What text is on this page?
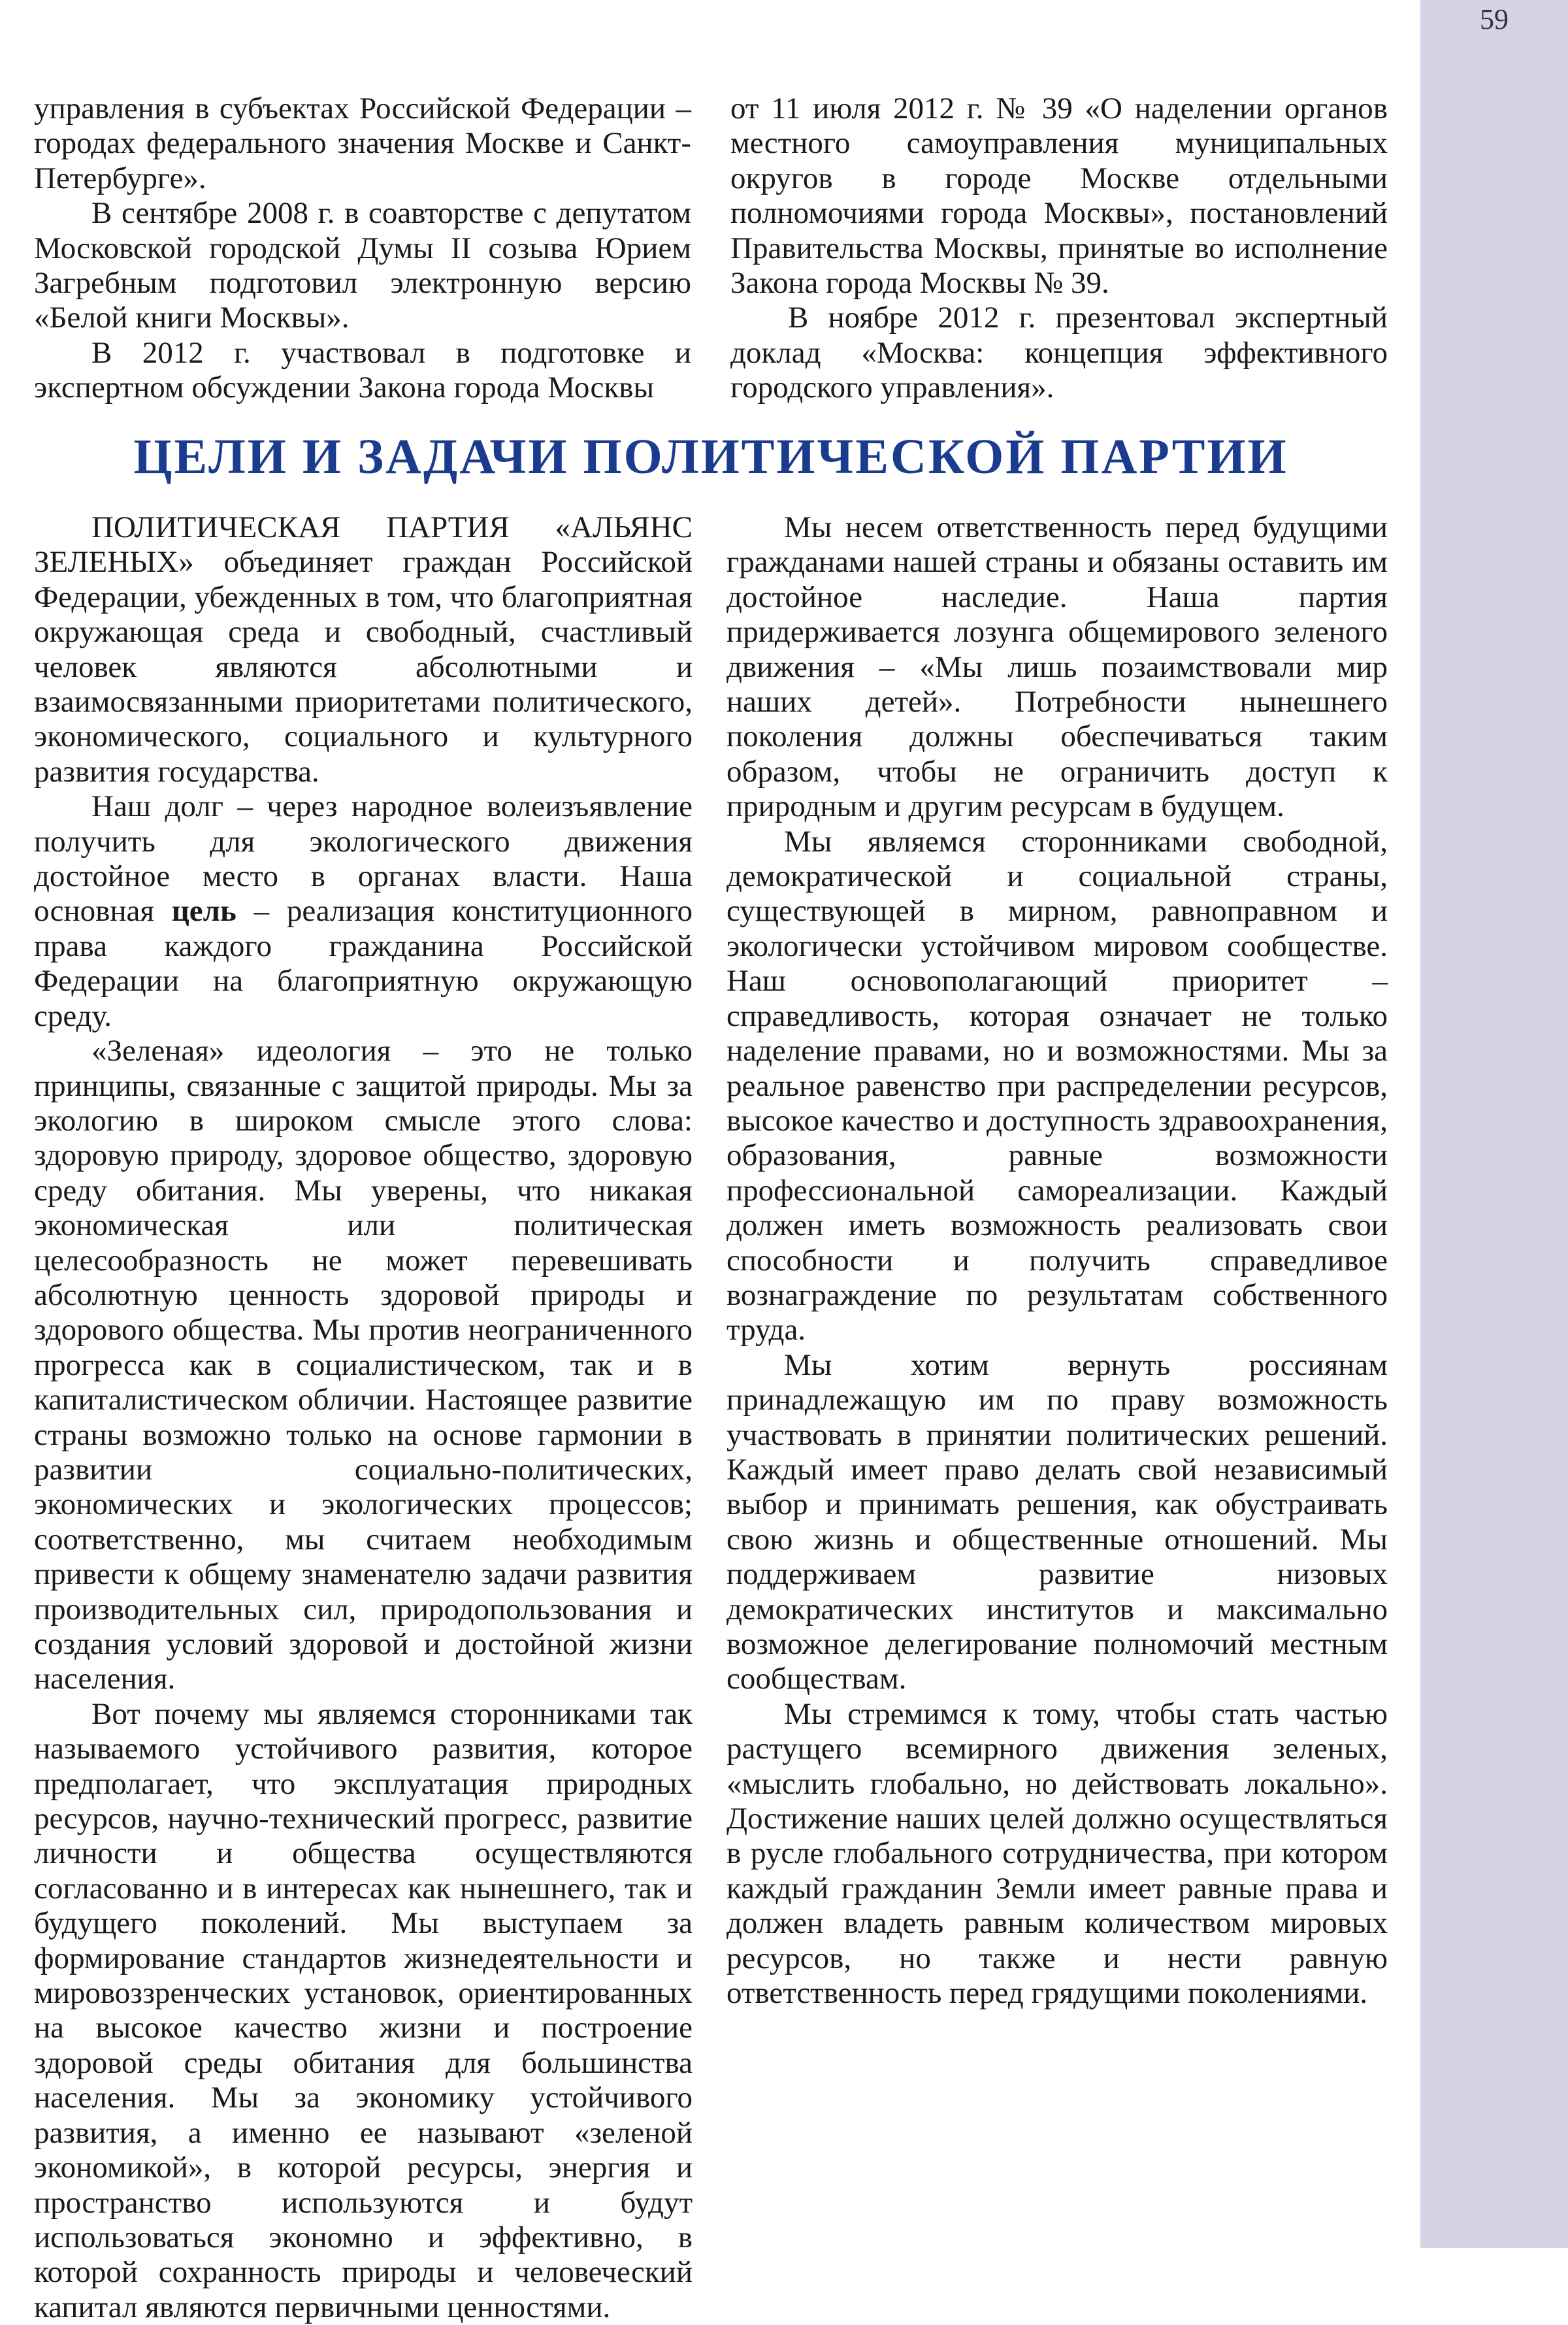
59

управления в субъектах Российской Федерации – городах федерального значения Москве и Санкт-Петербурге».

В сентябре 2008 г. в соавторстве с депутатом Московской городской Думы II созыва Юрием Загребным подготовил электронную версию «Белой книги Москвы».

В 2012 г. участвовал в подготовке и экспертном обсуждении Закона города Москвы

от 11 июля 2012 г. № 39 «О наделении органов местного самоуправления муниципальных округов в городе Москве отдельными полномочиями города Москвы», постановлений Правительства Москвы, принятые во исполнение Закона города Москвы № 39.

В ноябре 2012 г. презентовал экспертный доклад «Москва: концепция эффективного городского управления».

ЦЕЛИ И ЗАДАЧИ ПОЛИТИЧЕСКОЙ ПАРТИИ

ПОЛИТИЧЕСКАЯ ПАРТИЯ «АЛЬЯНС ЗЕЛЕНЫХ» объединяет граждан Российской Федерации, убежденных в том, что благоприятная окружающая среда и свободный, счастливый человек являются абсолютными и взаимосвязанными приоритетами политического, экономического, социального и культурного развития государства.

Наш долг – через народное волеизъявление получить для экологического движения достойное место в органах власти. Наша основная цель – реализация конституционного права каждого гражданина Российской Федерации на благоприятную окружающую среду.

«Зеленая» идеология – это не только принципы, связанные с защитой природы. Мы за экологию в широком смысле этого слова: здоровую природу, здоровое общество, здоровую среду обитания. Мы уверены, что никакая экономическая или политическая целесообразность не может перевешивать абсолютную ценность здоровой природы и здорового общества. Мы против неограниченного прогресса как в социалистическом, так и в капиталистическом обличии. Настоящее развитие страны возможно только на основе гармонии в развитии социально-политических, экономических и экологических процессов; соответственно, мы считаем необходимым привести к общему знаменателю задачи развития производительных сил, природопользования и создания условий здоровой и достойной жизни населения.

Вот почему мы являемся сторонниками так называемого устойчивого развития, которое предполагает, что эксплуатация природных ресурсов, научно-технический прогресс, развитие личности и общества осуществляются согласованно и в интересах как нынешнего, так и будущего поколений. Мы выступаем за формирование стандартов жизнедеятельности и мировоззренческих установок, ориентированных на высокое качество жизни и построение здоровой среды обитания для большинства населения. Мы за экономику устойчивого развития, а именно ее называют «зеленой экономикой», в которой ресурсы, энергия и пространство используются и будут использоваться экономно и эффективно, в которой сохранность природы и человеческий капитал являются первичными ценностями.

Мы несем ответственность перед будущими гражданами нашей страны и обязаны оставить им достойное наследие. Наша партия придерживается лозунга общемирового зеленого движения – «Мы лишь позаимствовали мир наших детей». Потребности нынешнего поколения должны обеспечиваться таким образом, чтобы не ограничить доступ к природным и другим ресурсам в будущем.

Мы являемся сторонниками свободной, демократической и социальной страны, существующей в мирном, равноправном и экологически устойчивом мировом сообществе. Наш основополагающий приоритет – справедливость, которая означает не только наделение правами, но и возможностями. Мы за реальное равенство при распределении ресурсов, высокое качество и доступность здравоохранения, образования, равные возможности профессиональной самореализации. Каждый должен иметь возможность реализовать свои способности и получить справедливое вознаграждение по результатам собственного труда.

Мы хотим вернуть россиянам принадлежащую им по праву возможность участвовать в принятии политических решений. Каждый имеет право делать свой независимый выбор и принимать решения, как обустраивать свою жизнь и общественные отношений. Мы поддерживаем развитие низовых демократических институтов и максимально возможное делегирование полномочий местным сообществам.

Мы стремимся к тому, чтобы стать частью растущего всемирного движения зеленых, «мыслить глобально, но действовать локально». Достижение наших целей должно осуществляться в русле глобального сотрудничества, при котором каждый гражданин Земли имеет равные права и должен владеть равным количеством мировых ресурсов, но также и нести равную ответственность перед грядущими поколениями.
